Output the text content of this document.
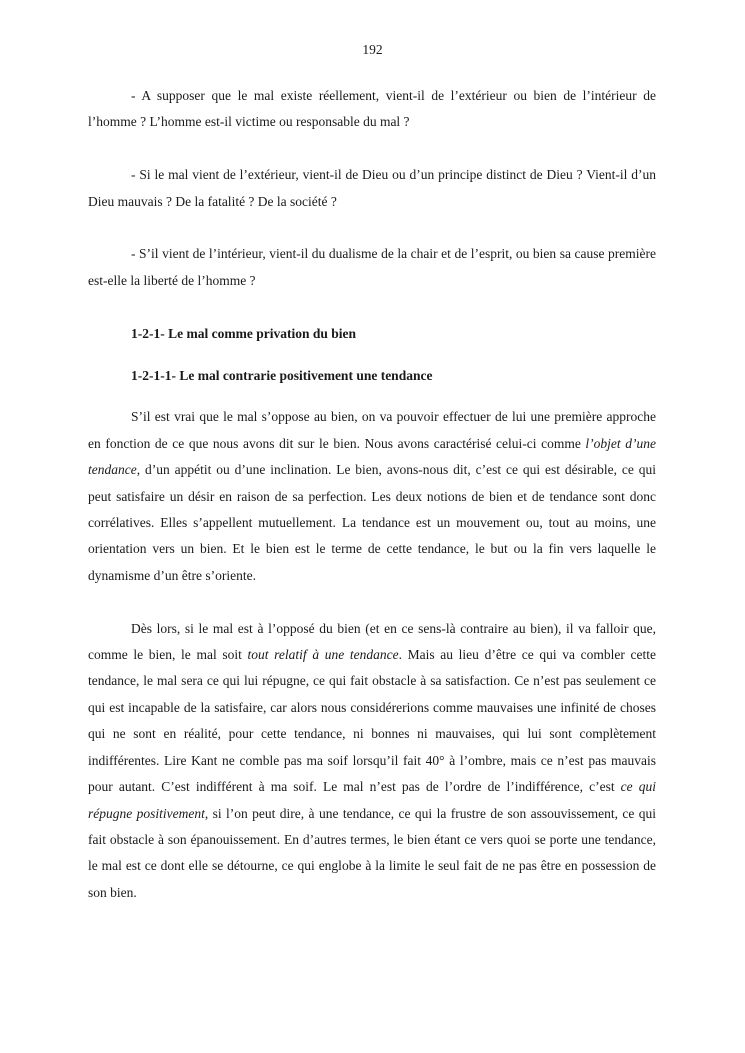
192

- A supposer que le mal existe réellement, vient-il de l’extérieur ou bien de l’intérieur de l’homme ? L’homme est-il victime ou responsable du mal ?

- Si le mal vient de l’extérieur, vient-il de Dieu ou d’un principe distinct de Dieu ? Vient-il d’un Dieu mauvais ? De la fatalité ? De la société ?

- S’il vient de l’intérieur, vient-il du dualisme de la chair et de l’esprit, ou bien sa cause première est-elle la liberté de l’homme ?

1-2-1- Le mal comme privation du bien
1-2-1-1- Le mal contrarie positivement une tendance

S’il est vrai que le mal s’oppose au bien, on va pouvoir effectuer de lui une première approche en fonction de ce que nous avons dit sur le bien. Nous avons caractérisé celui-ci comme l’objet d’une tendance, d’un appétit ou d’une inclination. Le bien, avons-nous dit, c’est ce qui est désirable, ce qui peut satisfaire un désir en raison de sa perfection. Les deux notions de bien et de tendance sont donc corrélatives. Elles s’appellent mutuellement. La tendance est un mouvement ou, tout au moins, une orientation vers un bien. Et le bien est le terme de cette tendance, le but ou la fin vers laquelle le dynamisme d’un être s’oriente.

Dès lors, si le mal est à l’opposé du bien (et en ce sens-là contraire au bien), il va falloir que, comme le bien, le mal soit tout relatif à une tendance. Mais au lieu d’être ce qui va combler cette tendance, le mal sera ce qui lui répugne, ce qui fait obstacle à sa satisfaction. Ce n’est pas seulement ce qui est incapable de la satisfaire, car alors nous considérerions comme mauvaises une infinité de choses qui ne sont en réalité, pour cette tendance, ni bonnes ni mauvaises, qui lui sont complètement indifférentes. Lire Kant ne comble pas ma soif lorsqu’il fait 40° à l’ombre, mais ce n’est pas mauvais pour autant. C’est indifférent à ma soif. Le mal n’est pas de l’ordre de l’indifférence, c’est ce qui répugne positivement, si l’on peut dire, à une tendance, ce qui la frustre de son assouvissement, ce qui fait obstacle à son épanouissement. En d’autres termes, le bien étant ce vers quoi se porte une tendance, le mal est ce dont elle se détourne, ce qui englobe à la limite le seul fait de ne pas être en possession de son bien.
